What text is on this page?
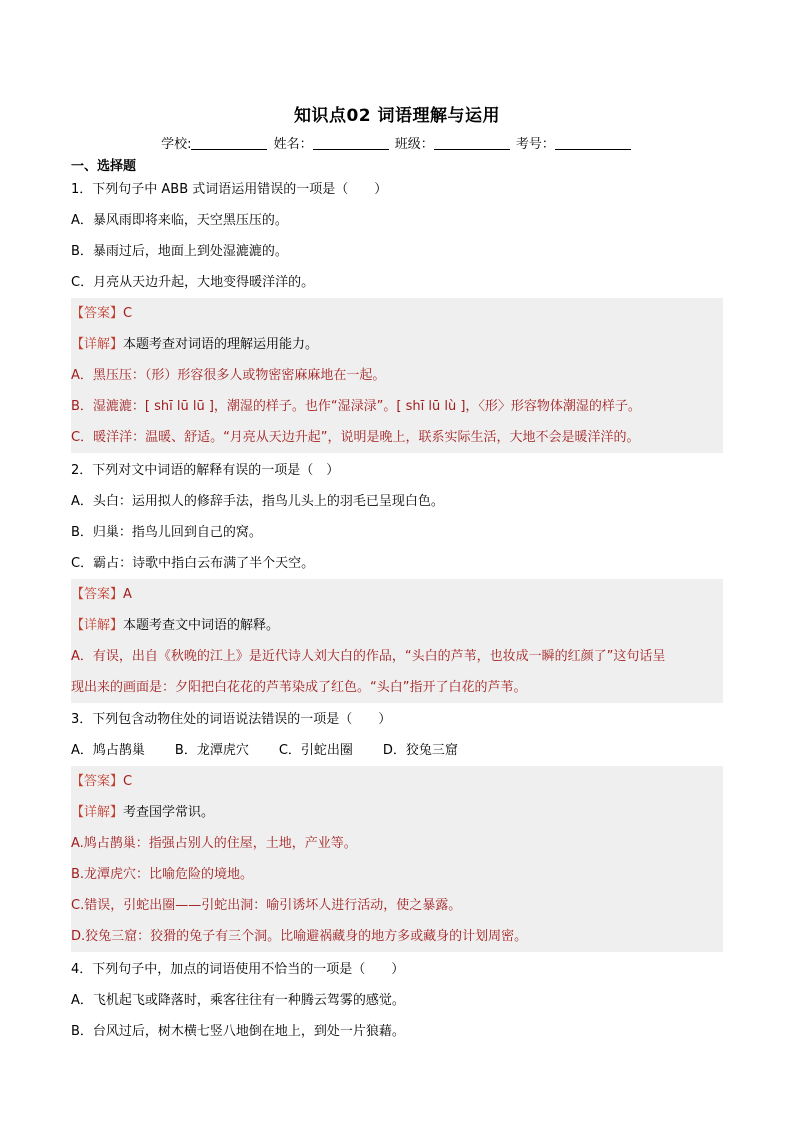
知识点02 词语理解与运用
学校:	姓名：	班级：	考号：
一、选择题
1．下列句子中 ABB 式词语运用错误的一项是（　　）
A．暴风雨即将来临，天空黑压压的。
B．暴雨过后，地面上到处湿漉漉的。
C．月亮从天边升起，大地变得暖洋洋的。
【答案】C
【详解】本题考查对词语的理解运用能力。
A．黑压压：（形）形容很多人或物密密麻麻地在一起。
B．湿漉漉：[ shī lū lū ]，潮湿的样子。也作“湿渌渌”。[ shī lū lù ]，〈形〉形容物体潮湿的样子。
C．暖洋洋：温暖、舒适。“月亮从天边升起”，说明是晚上，联系实际生活，大地不会是暖洋洋的。
2．下列对文中词语的解释有误的一项是（　）
A．头白：运用拟人的修辞手法，指鸟儿头上的羽毛已呈现白色。
B．归巢：指鸟儿回到自己的窝。
C．霸占：诗歌中指白云布满了半个天空。
【答案】A
【详解】本题考查文中词语的解释。
A．有误，出自《秋晚的江上》是近代诗人刘大白的作品，“头白的芦苇，也妆成一瞬的红颜了”这句话呈
现出来的画面是：夕阳把白花花的芦苇染成了红色。“头白”指开了白花的芦苇。
3．下列包含动物住处的词语说法错误的一项是（　　）
A．鸠占鹊巢 B．龙潭虎穴 C．引蛇出圈 D．狡兔三窟
【答案】C
【详解】考查国学常识。
A.鸠占鹊巢：指强占别人的住屋，土地，产业等。
B.龙潭虎穴：比喻危险的境地。
C.错误，引蛇出圈——引蛇出洞：喻引诱坏人进行活动，使之暴露。
D.狡兔三窟：狡猾的兔子有三个洞。比喻避祸藏身的地方多或藏身的计划周密。
4．下列句子中，加点的词语使用不恰当的一项是（　　）
A．飞机起飞或降落时，乘客往往有一种腾云驾雾的感觉。
B．台风过后，树木横七竖八地倒在地上，到处一片狼藉。
